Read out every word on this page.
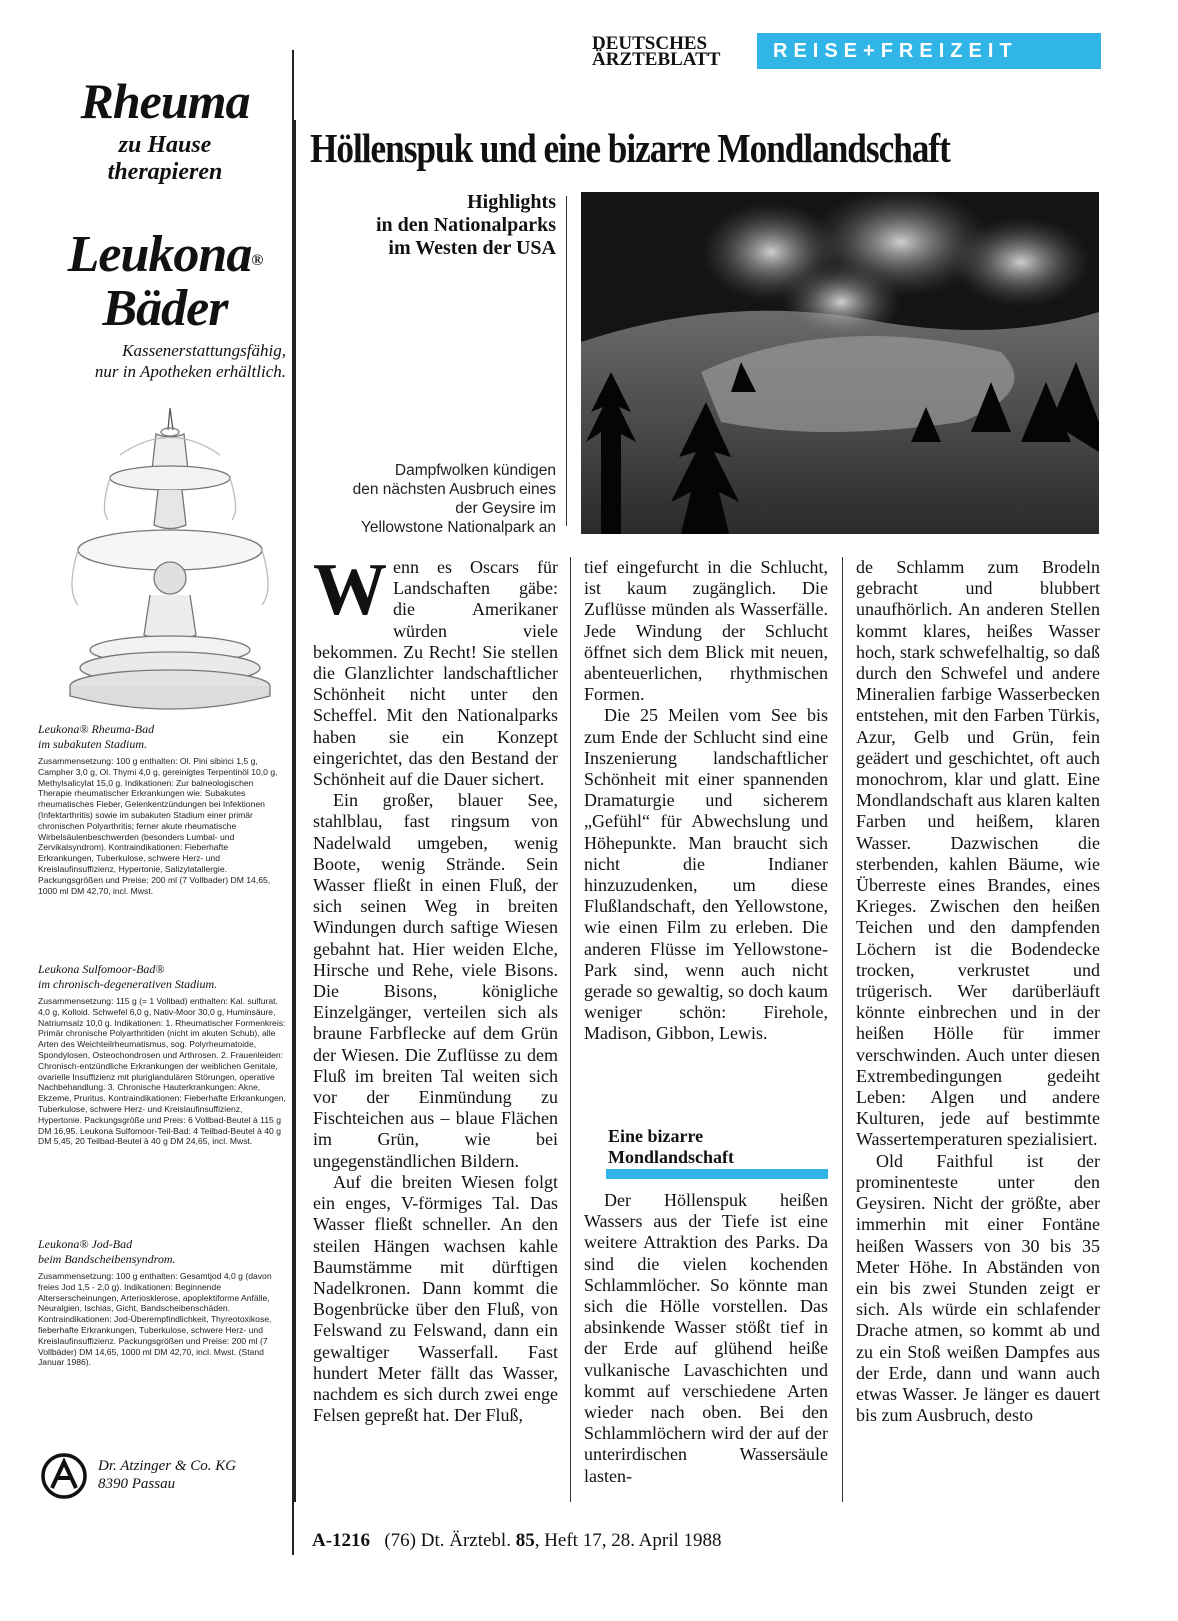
Rheuma
zu Hause
therapieren
Leukona®
Bäder
Kassenerstattungsfähig,
nur in Apotheken erhältlich.
Leukona® Rheuma-Bad
im subakuten Stadium.
Zusammensetzung: 100 g enthalten: Ol. Pini sibirici 1,5 g, Campher 3,0 g, Ol. Thymi 4,0 g, gereinigtes Terpentinöl 10,0 g, Methylsalicylat 15,0 g. Indikationen: Zur balneologischen Therapie rheumatischer Erkrankungen wie: Subakutes rheumatisches Fieber, Gelenkentzündungen bei Infektionen (Infektarthritis) sowie im subakuten Stadium einer primär chronischen Polyarthritis; ferner akute rheumatische Wirbelsäulenbeschwerden (besonders Lumbal- und Zervikalsyndrom). Kontraindikationen: Fieberhafte Erkrankungen, Tuberkulose, schwere Herz- und Kreislaufinsuffizienz, Hypertonie, Salizylatallergie. Packungsgrößen und Preise: 200 ml (7 Vollbader) DM 14,65, 1000 ml DM 42,70, incl. Mwst.
Leukona Sulfomoor-Bad®
im chronisch-degenerativen Stadium.
Zusammensetzung: 115 g (= 1 Vollbad) enthalten: Kal. sulfurat. 4,0 g, Kolloid. Schwefel 6,0 g, Nativ-Moor 30,0 g, Huminsäure, Natriumsalz 10,0 g. Indikationen: 1. Rheumatischer Formenkreis: Primär chronische Polyarthritiden (nicht im akuten Schub), alle Arten des Weichteilrheumatismus, sog. Polyrheumatoide, Spondylosen, Osteochondrosen und Arthrosen. 2. Frauenleiden: Chronisch-entzündliche Erkrankungen der weiblichen Genitale, ovarielle Insuffizienz mit pluriglandulären Störungen, operative Nachbehandlung. 3. Chronische Hauterkrankungen: Akne, Ekzeme, Pruritus. Kontraindikationen: Fieberhafte Erkrankungen, Tuberkulose, schwere Herz- und Kreislaufinsuffizienz, Hypertonie. Packungsgröße und Preis: 6 Vollbad-Beutel à 115 g DM 16,95. Leukona Sulfomoor-Teil-Bad: 4 Teilbad-Beutel à 40 g DM 5,45, 20 Teilbad-Beutel à 40 g DM 24,65, incl. Mwst.
Leukona® Jod-Bad
beim Bandscheibensyndrom.
Zusammensetzung: 100 g enthalten: Gesamtjod 4,0 g (davon freies Jod 1,5 - 2,0 g). Indikationen: Beginnende Alterserscheinungen, Arteriosklerose, apoplektiforme Anfälle, Neuralgien, Ischias, Gicht, Bandscheibenschäden. Kontraindikationen: Jod-Überempfindlichkeit, Thyreotoxikose, fieberhafte Erkrankungen, Tuberkulose, schwere Herz- und Kreislaufinsuffizienz. Packungsgrößen und Preise: 200 ml (7 Vollbäder) DM 14,65, 1000 ml DM 42,70, incl. Mwst. (Stand Januar 1986).
Dr. Atzinger & Co. KG
8390 Passau
DEUTSCHES
ÄRZTEBLATT	REISE+FREIZEIT
Höllenspuk und eine bizarre Mondlandschaft
Highlights
in den Nationalparks
im Westen der USA
Dampfwolken kündigen
den nächsten Ausbruch eines
der Geysire im
Yellowstone Nationalpark an

Wenn es Oscars für Landschaften gäbe: die Amerikaner würden viele bekommen. Zu Recht! Sie stellen die Glanzlichter landschaftlicher Schönheit nicht unter den Scheffel. Mit den Nationalparks haben sie ein Konzept eingerichtet, das den Bestand der Schönheit auf die Dauer sichert.

Ein großer, blauer See, stahlblau, fast ringsum von Nadelwald umgeben, wenig Boote, wenig Strände. Sein Wasser fließt in einen Fluß, der sich seinen Weg in breiten Windungen durch saftige Wiesen gebahnt hat. Hier weiden Elche, Hirsche und Rehe, viele Bisons. Die Bisons, königliche Einzelgänger, verteilen sich als braune Farbflecke auf dem Grün der Wiesen. Die Zuflüsse zu dem Fluß im breiten Tal weiten sich vor der Einmündung zu Fischteichen aus – blaue Flächen im Grün, wie bei ungegenständlichen Bildern.

Auf die breiten Wiesen folgt ein enges, V-förmiges Tal. Das Wasser fließt schneller. An den steilen Hängen wachsen kahle Baumstämme mit dürftigen Nadelkronen. Dann kommt die Bogenbrücke über den Fluß, von Felswand zu Felswand, dann ein gewaltiger Wasserfall. Fast hundert Meter fällt das Wasser, nachdem es sich durch zwei enge Felsen gepreßt hat. Der Fluß,

tief eingefurcht in die Schlucht, ist kaum zugänglich. Die Zuflüsse münden als Wasserfälle. Jede Windung der Schlucht öffnet sich dem Blick mit neuen, abenteuerlichen, rhythmischen Formen.

Die 25 Meilen vom See bis zum Ende der Schlucht sind eine Inszenierung landschaftlicher Schönheit mit einer spannenden Dramaturgie und sicherem „Gefühl“ für Abwechslung und Höhepunkte. Man braucht sich nicht die Indianer hinzuzudenken, um diese Flußlandschaft, den Yellowstone, wie einen Film zu erleben. Die anderen Flüsse im Yellowstone-Park sind, wenn auch nicht gerade so gewaltig, so doch kaum weniger schön: Firehole, Madison, Gibbon, Lewis.

Eine bizarre
Mondlandschaft

Der Höllenspuk heißen Wassers aus der Tiefe ist eine weitere Attraktion des Parks. Da sind die vielen kochenden Schlammlöcher. So könnte man sich die Hölle vorstellen. Das absinkende Wasser stößt tief in der Erde auf glühend heiße vulkanische Lavaschichten und kommt auf verschiedene Arten wieder nach oben. Bei den Schlammlöchern wird der auf der unterirdischen Wassersäule lasten-

de Schlamm zum Brodeln gebracht und blubbert unaufhörlich. An anderen Stellen kommt klares, heißes Wasser hoch, stark schwefelhaltig, so daß durch den Schwefel und andere Mineralien farbige Wasserbecken entstehen, mit den Farben Türkis, Azur, Gelb und Grün, fein geädert und geschichtet, oft auch monochrom, klar und glatt. Eine Mondlandschaft aus klaren kalten Farben und heißem, klaren Wasser. Dazwischen die sterbenden, kahlen Bäume, wie Überreste eines Brandes, eines Krieges. Zwischen den heißen Teichen und den dampfenden Löchern ist die Bodendecke trocken, verkrustet und trügerisch. Wer darüberläuft könnte einbrechen und in der heißen Hölle für immer verschwinden. Auch unter diesen Extrembedingungen gedeiht Leben: Algen und andere Kulturen, jede auf bestimmte Wassertemperaturen spezialisiert.

Old Faithful ist der prominenteste unter den Geysiren. Nicht der größte, aber immerhin mit einer Fontäne heißen Wassers von 30 bis 35 Meter Höhe. In Abständen von ein bis zwei Stunden zeigt er sich. Als würde ein schlafender Drache atmen, so kommt ab und zu ein Stoß weißen Dampfes aus der Erde, dann und wann auch etwas Wasser. Je länger es dauert bis zum Ausbruch, desto

A-1216 (76) Dt. Ärztebl. 85, Heft 17, 28. April 1988
